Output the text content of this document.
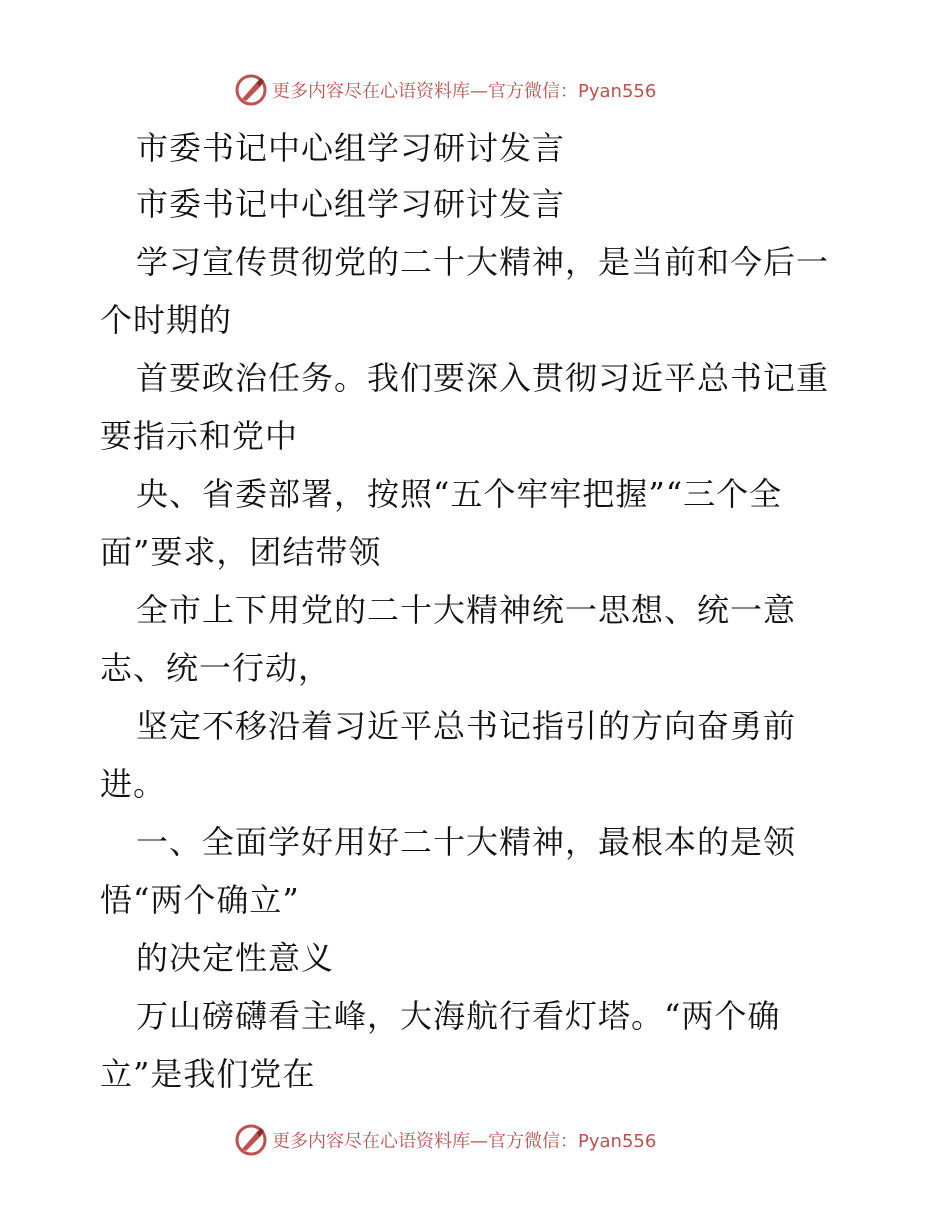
更多内容尽在心语资料库—官方微信：Pyan556
市委书记中心组学习研讨发言
市委书记中心组学习研讨发言
学习宣传贯彻党的二十大精神，是当前和今后一
个时期的
首要政治任务。我们要深入贯彻习近平总书记重
要指示和党中
央、省委部署，按照“五个牢牢把握”“三个全
面”要求，团结带领
全市上下用党的二十大精神统一思想、统一意
志、统一行动，
坚定不移沿着习近平总书记指引的方向奋勇前
进。
一、全面学好用好二十大精神，最根本的是领
悟“两个确立”
的决定性意义
万山磅礴看主峰，大海航行看灯塔。“两个确
立”是我们党在
更多内容尽在心语资料库—官方微信：Pyan556
